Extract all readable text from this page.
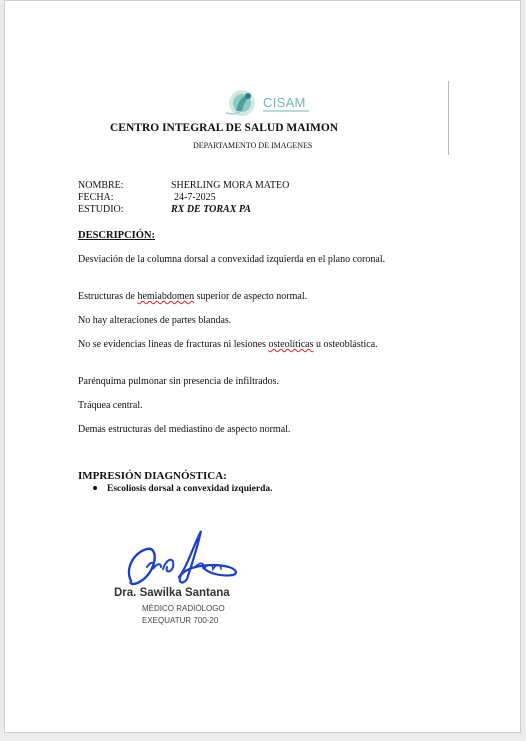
CISAM
CENTRO INTEGRAL DE SALUD MAIMON
DEPARTAMENTO DE IMAGENES
NOMBRE:	SHERLING MORA MATEO
FECHA:	24-7-2025
ESTUDIO:	RX DE TORAX PA
DESCRIPCIÓN:
Desviación de la columna dorsal a convexidad izquierda en el plano coronal.
Estructuras de hemiabdomen superior de aspecto normal.
No hay alteraciones de partes blandas.
No se evidencias lineas de fracturas ni lesiones osteolíticas u osteoblástica.
Parénquima pulmonar sin presencia de infiltrados.
Tráquea central.
Demas estructuras del mediastino de aspecto normal.
IMPRESIÓN DIAGNÓSTICA:
Escoliosis dorsal a convexidad izquierda.
Dra. Sawilka Santana
MÉDICO RADIÓLOGO
EXEQUATUR 700-20
